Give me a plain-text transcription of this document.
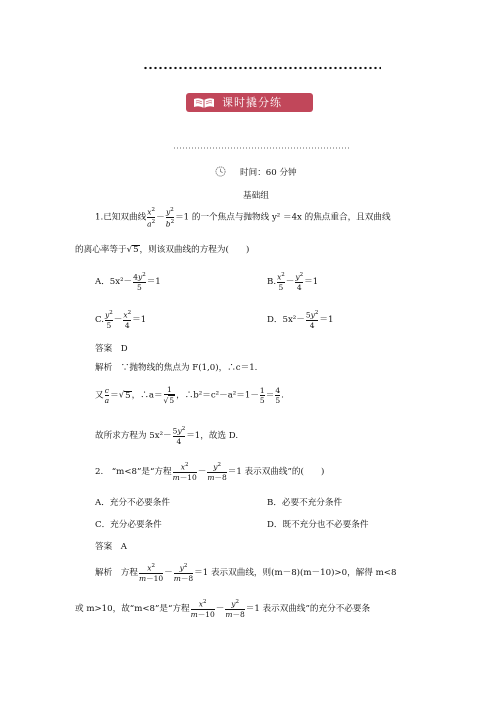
课时撬分练
时间：60 分钟
基础组
1.已知双曲线 $\frac{x^2}{a^2} - \frac{y^2}{b^2} =1$ 的一个焦点与抛物线 y² ＝4x 的焦点重合，且双曲线
的离心率等于√5，则该双曲线的方程为(　　)
A．$5x^2- \frac{4y^2}{5} =1$	B. $\frac{x^2}{5} - \frac{y^2}{4} =1$
C. $\frac{y^2}{5} - \frac{x^2}{4} =1$	D．$5x^2- \frac{5y^2}{4} =1$
答案　D
解析　∵抛物线的焦点为 F(1,0)，∴c＝1.
又 $\frac{c}{a} =√5$，∴a＝ $\frac{1}{√5}$ ，∴b²＝c²－a²＝1－ $\frac{1}{5} = \frac{4}{5}$ .
故所求方程为 $5x^2- \frac{5y^2}{4} =1$，故选 D.
2.　“m<8”是“方程 $\frac{x^2}{m-10} - \frac{y^2}{m-8} =1$ 表示双曲线”的(　　)
A．充分不必要条件	B．必要不充分条件
C．充分必要条件	D．既不充分也不必要条件
答案　A
解析　方程 $\frac{x^2}{m-10} - \frac{y^2}{m-8} =1$ 表示双曲线，则(m－8)(m－10)>0，解得 m<8
或 m>10，故“m<8”是“方程 $\frac{x^2}{m-10} - \frac{y^2}{m-8} =1$ 表示双曲线”的充分不必要条
